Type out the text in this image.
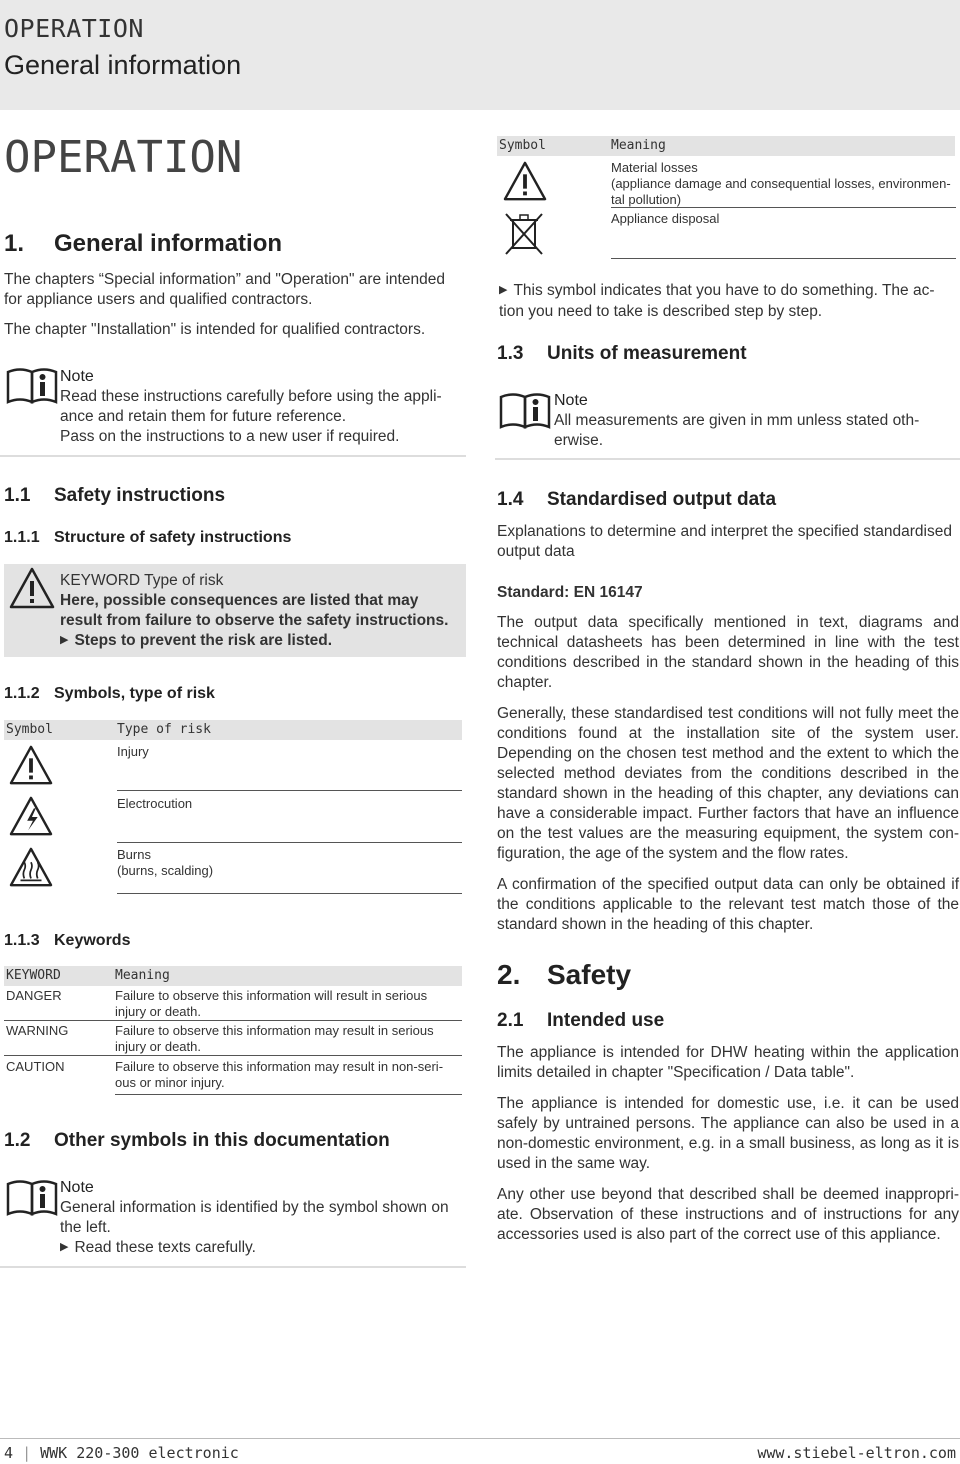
OPERATION
General information
OPERATION
1. General information
The chapters “Special information” and "Operation" are intended for appliance users and qualified contractors.
The chapter "Installation" is intended for qualified contractors.
Note
Read these instructions carefully before using the appli-ance and retain them for future reference.
Pass on the instructions to a new user if required.
1.1 Safety instructions
1.1.1 Structure of safety instructions
KEYWORD Type of risk
Here, possible consequences are listed that may result from failure to observe the safety instructions.
▶ Steps to prevent the risk are listed.
1.1.2 Symbols, type of risk
Symbol	Type of risk
Injury
Electrocution
Burns
(burns, scalding)
1.1.3 Keywords
KEYWORD	Meaning
DANGER	Failure to observe this information will result in serious injury or death.
WARNING	Failure to observe this information may result in serious injury or death.
CAUTION	Failure to observe this information may result in non-seri-ous or minor injury.
1.2 Other symbols in this documentation
Note
General information is identified by the symbol shown on the left.
▶ Read these texts carefully.
Symbol	Meaning
Material losses
(appliance damage and consequential losses, environmen-tal pollution)
Appliance disposal
▶ This symbol indicates that you have to do something. The ac-tion you need to take is described step by step.
1.3 Units of measurement
Note
All measurements are given in mm unless stated oth-erwise.
1.4 Standardised output data
Explanations to determine and interpret the specified standardised output data
Standard: EN 16147
The output data specifically mentioned in text, diagrams and technical datasheets has been determined in line with the test conditions described in the standard shown in the heading of this chapter.
Generally, these standardised test conditions will not fully meet the conditions found at the installation site of the system user. Depending on the chosen test method and the extent to which the selected method deviates from the conditions described in the standard shown in the heading of this chapter, any deviations can have a considerable impact. Further factors that have an influence on the test values are the measuring equipment, the system con-figuration, the age of the system and the flow rates.
A confirmation of the specified output data can only be obtained if the conditions applicable to the relevant test match those of the standard shown in the heading of this chapter.
2. Safety
2.1 Intended use
The appliance is intended for DHW heating within the application limits detailed in chapter "Specification / Data table".
The appliance is intended for domestic use, i.e. it can be used safely by untrained persons. The appliance can also be used in a non-domestic environment, e.g. in a small business, as long as it is used in the same way.
Any other use beyond that described shall be deemed inappropri-ate. Observation of these instructions and of instructions for any accessories used is also part of the correct use of this appliance.
4 | WWK 220-300 electronic	www.stiebel-eltron.com
